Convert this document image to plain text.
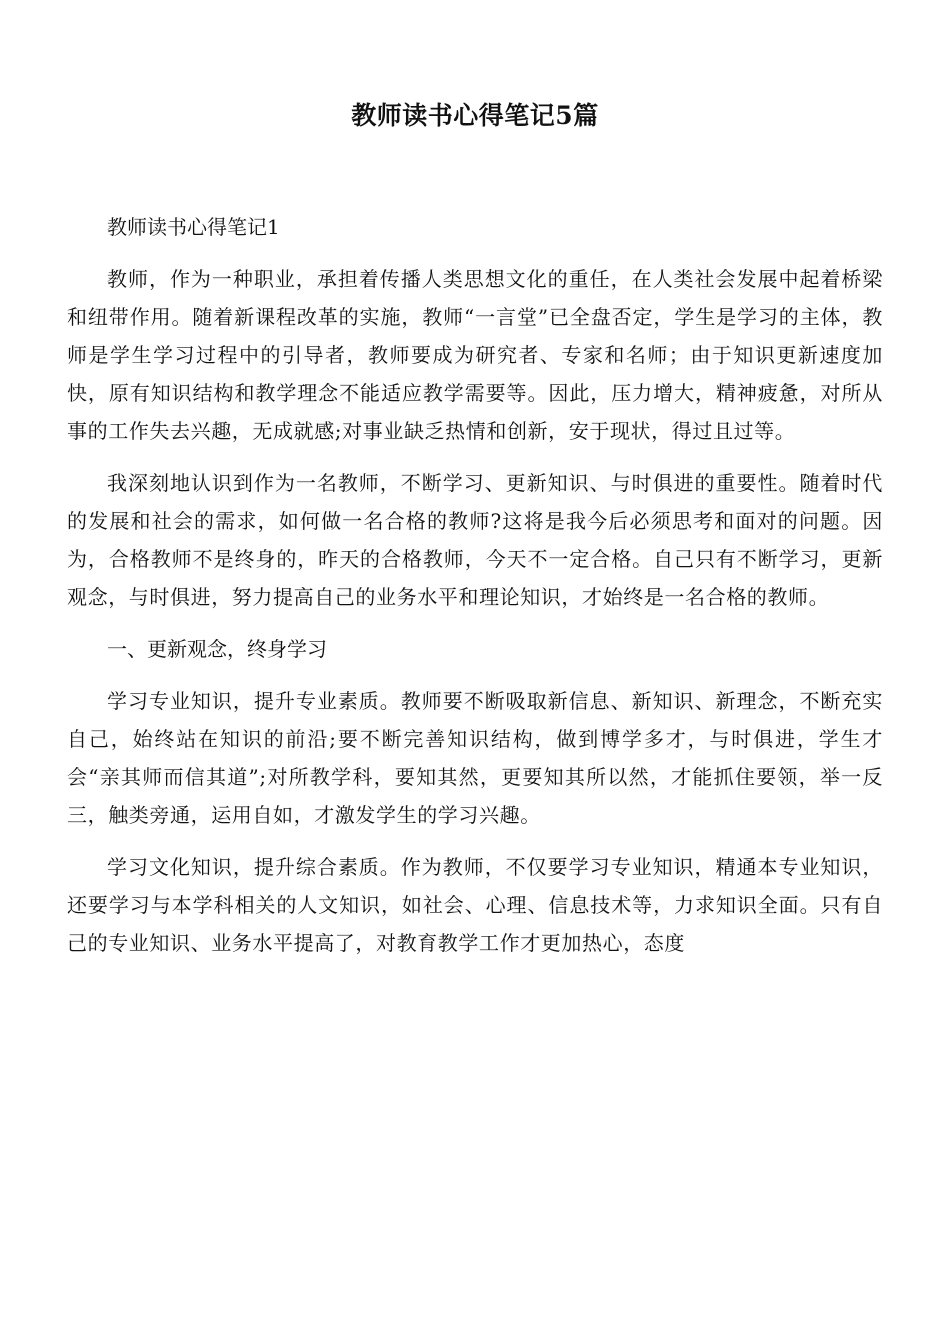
教师读书心得笔记5篇

教师读书心得笔记1

教师，作为一种职业，承担着传播人类思想文化的重任，在人类社会发展中起着桥梁和纽带作用。随着新课程改革的实施，教师“一言堂”已全盘否定，学生是学习的主体，教师是学生学习过程中的引导者，教师要成为研究者、专家和名师；由于知识更新速度加快，原有知识结构和教学理念不能适应教学需要等。因此，压力增大，精神疲惫，对所从事的工作失去兴趣，无成就感;对事业缺乏热情和创新，安于现状，得过且过等。

我深刻地认识到作为一名教师，不断学习、更新知识、与时俱进的重要性。随着时代的发展和社会的需求，如何做一名合格的教师?这将是我今后必须思考和面对的问题。因为，合格教师不是终身的，昨天的合格教师，今天不一定合格。自己只有不断学习，更新观念，与时俱进，努力提高自己的业务水平和理论知识，才始终是一名合格的教师。

一、更新观念，终身学习

学习专业知识，提升专业素质。教师要不断吸取新信息、新知识、新理念，不断充实自己，始终站在知识的前沿;要不断完善知识结构，做到博学多才，与时俱进，学生才会“亲其师而信其道”;对所教学科，要知其然，更要知其所以然，才能抓住要领，举一反三，触类旁通，运用自如，才激发学生的学习兴趣。

学习文化知识，提升综合素质。作为教师，不仅要学习专业知识，精通本专业知识，还要学习与本学科相关的人文知识，如社会、心理、信息技术等，力求知识全面。只有自己的专业知识、业务水平提高了，对教育教学工作才更加热心，态度
